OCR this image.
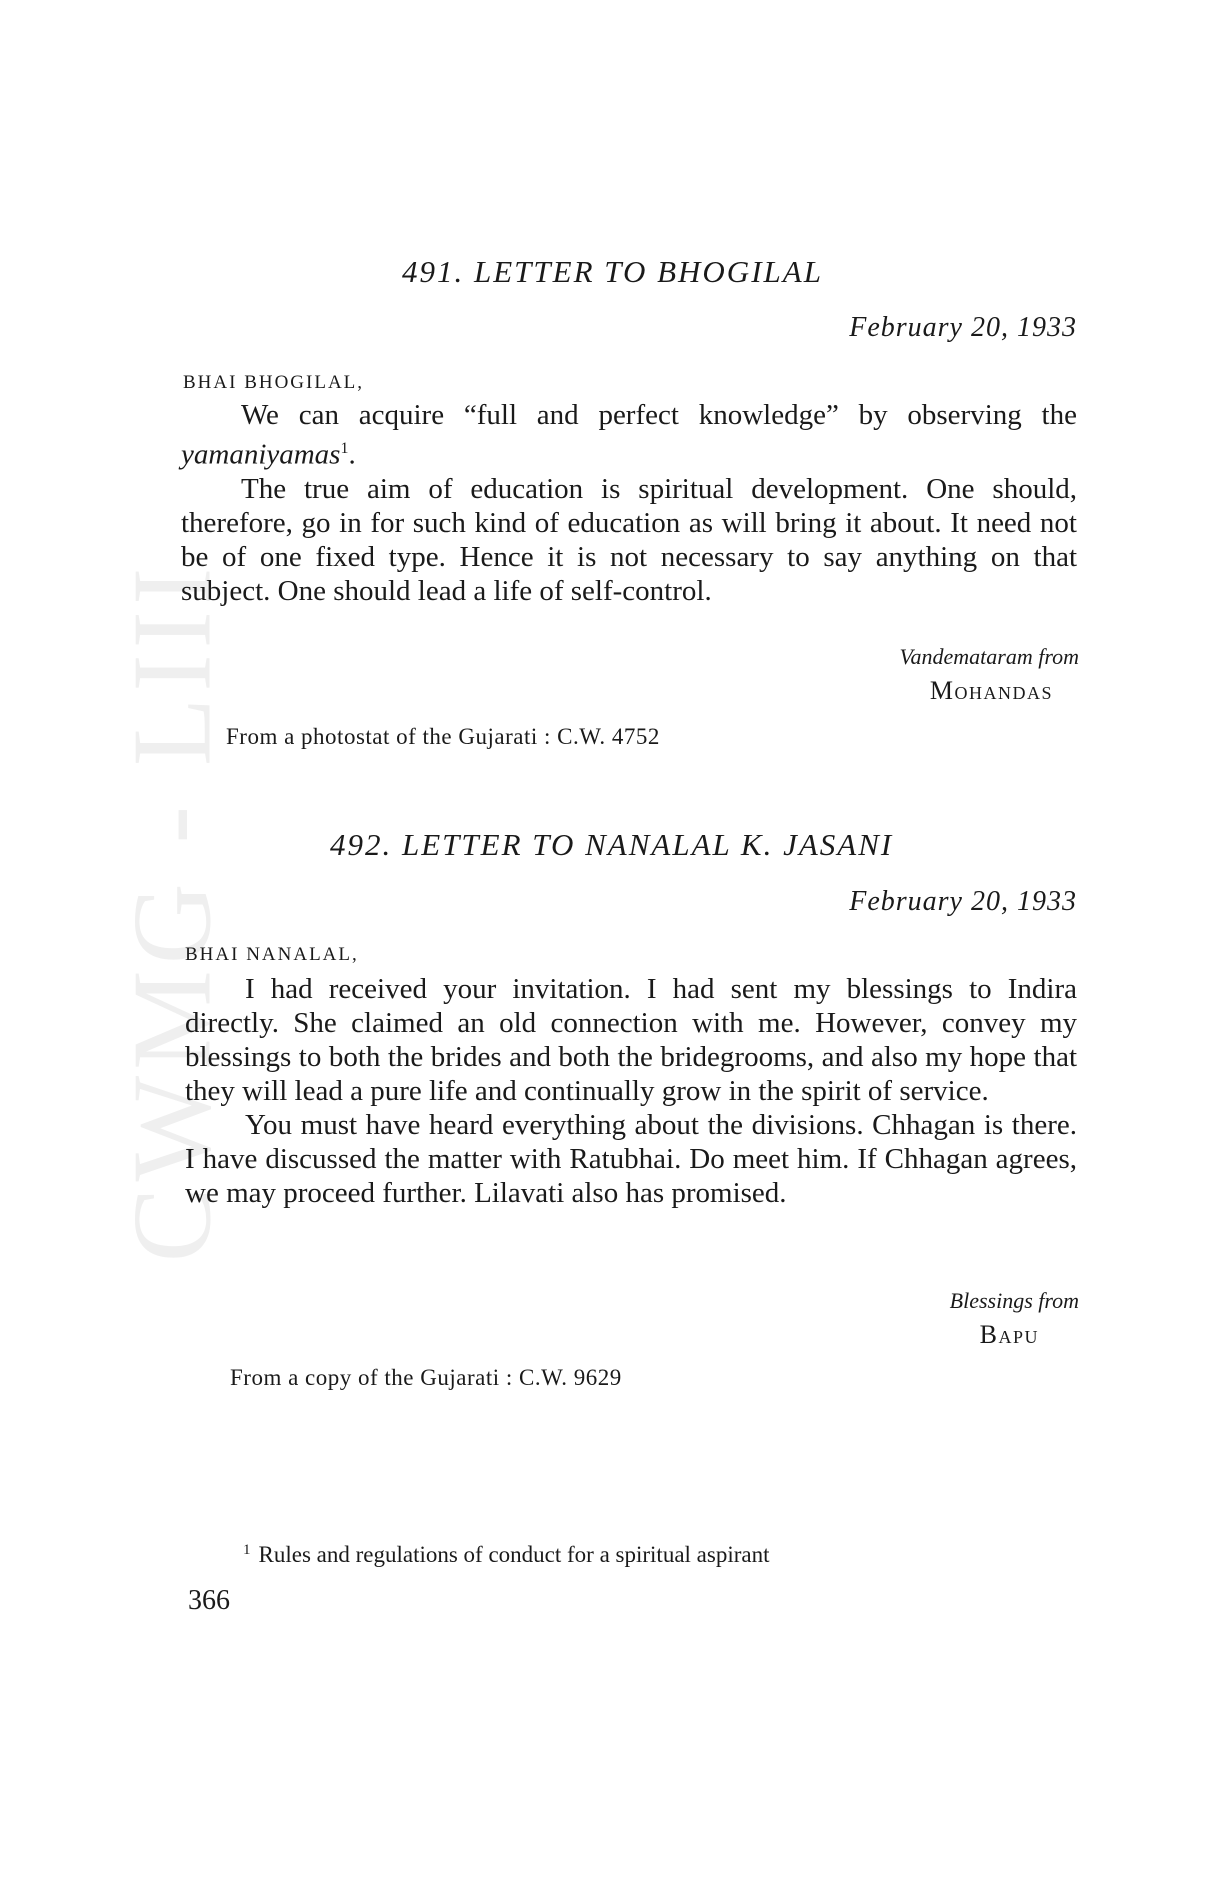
CWMG - LIII
491. LETTER TO BHOGILAL
February 20, 1933
BHAI BHOGILAL,

We can acquire “full and perfect knowledge” by observing the yamaniyamas$^1$.

The true aim of education is spiritual development. One should, therefore, go in for such kind of education as will bring it about. It need not be of one fixed type. Hence it is not necessary to say anything on that subject. One should lead a life of self-control.

Vandemataram from
Mohandas
From a photostat of the Gujarati : C.W. 4752
492. LETTER TO NANALAL K. JASANI
February 20, 1933
BHAI NANALAL,

I had received your invitation. I had sent my blessings to Indira directly. She claimed an old connection with me. However, convey my blessings to both the brides and both the bridegrooms, and also my hope that they will lead a pure life and continually grow in the spirit of service.

You must have heard everything about the divisions. Chhagan is there. I have discussed the matter with Ratubhai. Do meet him. If Chhagan agrees, we may proceed further. Lilavati also has promised.

Blessings from
Bapu
From a copy of the Gujarati : C.W. 9629
$^1$ Rules and regulations of conduct for a spiritual aspirant
366
